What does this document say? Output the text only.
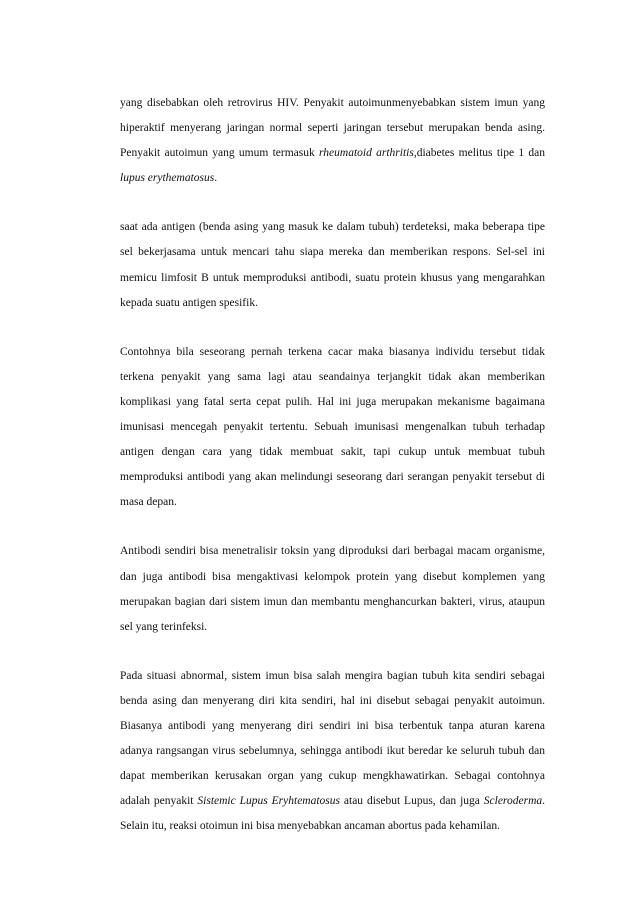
yang disebabkan oleh retrovirus HIV. Penyakit autoimunmenyebabkan sistem imun yang hiperaktif menyerang jaringan normal seperti jaringan tersebut merupakan benda asing. Penyakit autoimun yang umum termasuk rheumatoid arthritis,diabetes melitus tipe 1 dan lupus erythematosus.

saat ada antigen (benda asing yang masuk ke dalam tubuh) terdeteksi, maka beberapa tipe sel bekerjasama untuk mencari tahu siapa mereka dan memberikan respons. Sel-sel ini memicu limfosit B untuk memproduksi antibodi, suatu protein khusus yang mengarahkan kepada suatu antigen spesifik.

Contohnya bila seseorang pernah terkena cacar maka biasanya individu tersebut tidak terkena penyakit yang sama lagi atau seandainya terjangkit tidak akan memberikan komplikasi yang fatal serta cepat pulih. Hal ini juga merupakan mekanisme bagaimana imunisasi mencegah penyakit tertentu. Sebuah imunisasi mengenalkan tubuh terhadap antigen dengan cara yang tidak membuat sakit, tapi cukup untuk membuat tubuh memproduksi antibodi yang akan melindungi seseorang dari serangan penyakit tersebut di masa depan.

Antibodi sendiri bisa menetralisir toksin yang diproduksi dari berbagai macam organisme, dan juga antibodi bisa mengaktivasi kelompok protein yang disebut komplemen yang merupakan bagian dari sistem imun dan membantu menghancurkan bakteri, virus, ataupun sel yang terinfeksi.

Pada situasi abnormal, sistem imun bisa salah mengira bagian tubuh kita sendiri sebagai benda asing dan menyerang diri kita sendiri, hal ini disebut sebagai penyakit autoimun. Biasanya antibodi yang menyerang diri sendiri ini bisa terbentuk tanpa aturan karena adanya rangsangan virus sebelumnya, sehingga antibodi ikut beredar ke seluruh tubuh dan dapat memberikan kerusakan organ yang cukup mengkhawatirkan. Sebagai contohnya adalah penyakit Sistemic Lupus Eryhtematosus atau disebut Lupus, dan juga Scleroderma. Selain itu, reaksi otoimun ini bisa menyebabkan ancaman abortus pada kehamilan.
